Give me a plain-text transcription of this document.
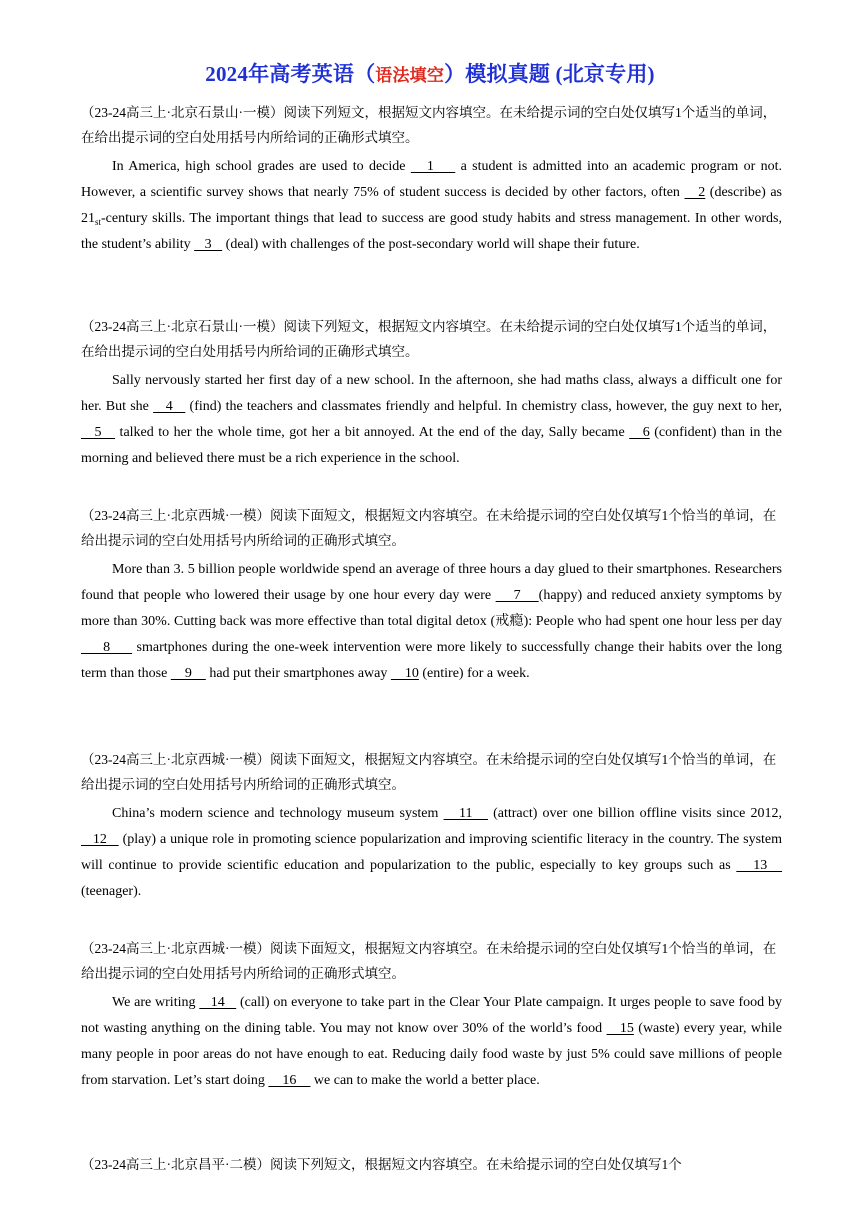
2024年高考英语（语法填空）模拟真题 (北京专用)

（23-24高三上·北京石景山·一模）阅读下列短文，根据短文内容填空。在未给提示词的空白处仅填写1个适当的单词，在给出提示词的空白处用括号内所给词的正确形式填空。

In America, high school grades are used to decide    1     a student is admitted into an academic program or not. However, a scientific survey shows that nearly 75% of student success is decided by other factors, often    2 (describe) as $21_{st}$-century skills. The important things that lead to success are good study habits and stress management. In other words, the student’s ability    3    (deal) with challenges of the post-secondary world will shape their future.

（23-24高三上·北京石景山·一模）阅读下列短文，根据短文内容填空。在未给提示词的空白处仅填写1个适当的单词，在给出提示词的空白处用括号内所给词的正确形式填空。

Sally nervously started her first day of a new school. In the afternoon, she had maths class, always a difficult one for her. But she    4    (find) the teachers and classmates friendly and helpful. In chemistry class, however, the guy next to her,    5    talked to her the whole time, got her a bit annoyed. At the end of the day, Sally became    6 (confident) than in the morning and believed there must be a rich experience in the school.

（23-24高三上·北京西城·一模）阅读下面短文，根据短文内容填空。在未给提示词的空白处仅填写1个恰当的单词，在给出提示词的空白处用括号内所给词的正确形式填空。

More than 3. 5 billion people worldwide spend an average of three hours a day glued to their smartphones. Researchers found that people who lowered their usage by one hour every day were     7    (happy) and reduced anxiety symptoms by more than 30%. Cutting back was more effective than total digital detox (戒瘾): People who had spent one hour less per day      8      smartphones during the one-week intervention were more likely to successfully change their habits over the long term than those     9     had put their smartphones away     10 (entire) for a week.

（23-24高三上·北京西城·一模）阅读下面短文，根据短文内容填空。在未给提示词的空白处仅填写1个恰当的单词，在给出提示词的空白处用括号内所给词的正确形式填空。

China’s modern science and technology museum system    11    (attract) over one billion offline visits since 2012,    12    (play) a unique role in promoting science popularization and improving scientific literacy in the country. The system will continue to provide scientific education and popularization to the public, especially to key groups such as    13    (teenager).

（23-24高三上·北京西城·一模）阅读下面短文，根据短文内容填空。在未给提示词的空白处仅填写1个恰当的单词，在给出提示词的空白处用括号内所给词的正确形式填空。

We are writing    14    (call) on everyone to take part in the Clear Your Plate campaign. It urges people to save food by not wasting anything on the dining table. You may not know over 30% of the world’s food    15 (waste) every year, while many people in poor areas do not have enough to eat. Reducing daily food waste by just 5% could save millions of people from starvation. Let’s start doing     16     we can to make the world a better place.

（23-24高三上·北京昌平·二模）阅读下列短文，根据短文内容填空。在未给提示词的空白处仅填写1个
